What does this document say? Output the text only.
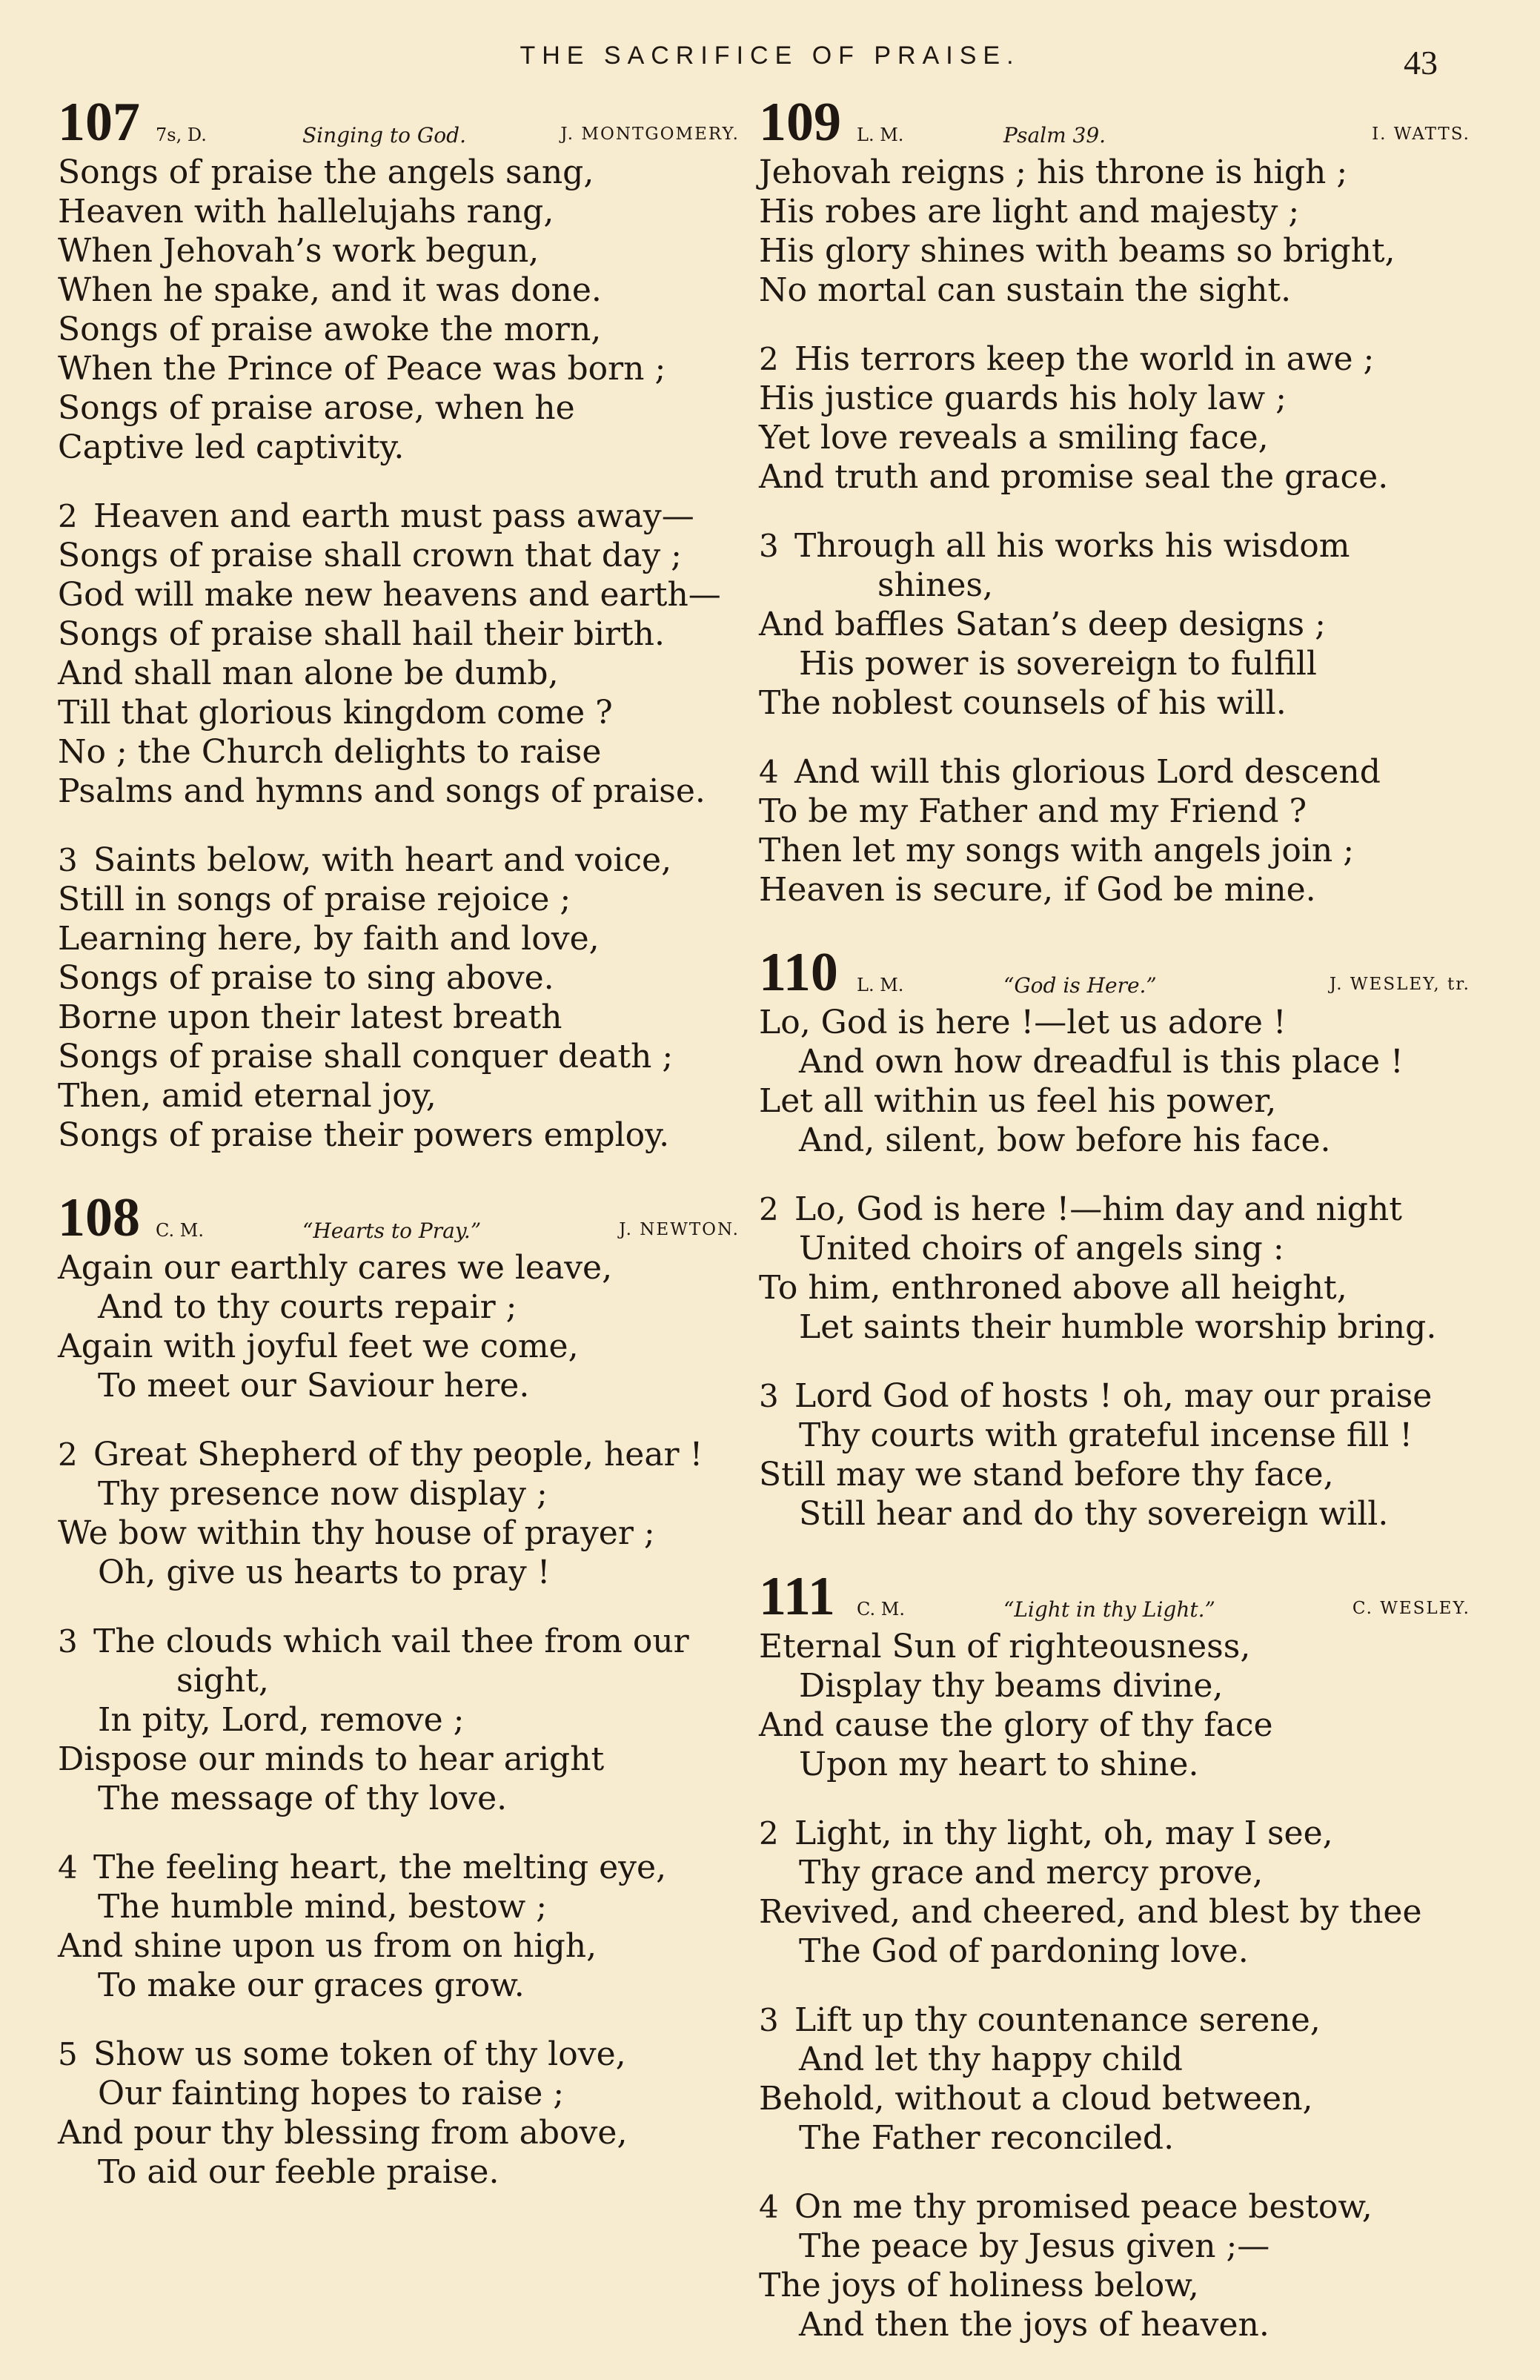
THE SACRIFICE OF PRAISE.	43
107 7s, D.	Singing to God.	J. MONTGOMERY.
Songs of praise the angels sang,
Heaven with hallelujahs rang,
When Jehovah’s work begun,
When he spake, and it was done.
Songs of praise awoke the morn,
When the Prince of Peace was born ;
Songs of praise arose, when he
Captive led captivity.
2 Heaven and earth must pass away—
Songs of praise shall crown that day ;
God will make new heavens and earth—
Songs of praise shall hail their birth.
And shall man alone be dumb,
Till that glorious kingdom come ?
No ; the Church delights to raise
Psalms and hymns and songs of praise.
3 Saints below, with heart and voice,
Still in songs of praise rejoice ;
Learning here, by faith and love,
Songs of praise to sing above.
Borne upon their latest breath
Songs of praise shall conquer death ;
Then, amid eternal joy,
Songs of praise their powers employ.
108 C. M.	“Hearts to Pray.”	J. NEWTON.
Again our earthly cares we leave,
And to thy courts repair ;
Again with joyful feet we come,
To meet our Saviour here.
2 Great Shepherd of thy people, hear !
Thy presence now display ;
We bow within thy house of prayer ;
Oh, give us hearts to pray !
3 The clouds which vail thee from our
sight,
In pity, Lord, remove ;
Dispose our minds to hear aright
The message of thy love.
4 The feeling heart, the melting eye,
The humble mind, bestow ;
And shine upon us from on high,
To make our graces grow.
5 Show us some token of thy love,
Our fainting hopes to raise ;
And pour thy blessing from above,
To aid our feeble praise.
109 L. M.	Psalm 39.	I. WATTS.
Jehovah reigns ; his throne is high ;
His robes are light and majesty ;
His glory shines with beams so bright,
No mortal can sustain the sight.
2 His terrors keep the world in awe ;
His justice guards his holy law ;
Yet love reveals a smiling face,
And truth and promise seal the grace.
3 Through all his works his wisdom
shines,
And baffles Satan’s deep designs ;
His power is sovereign to fulfill
The noblest counsels of his will.
4 And will this glorious Lord descend
To be my Father and my Friend ?
Then let my songs with angels join ;
Heaven is secure, if God be mine.
110 L. M.	“God is Here.”	J. WESLEY, tr.
Lo, God is here !—let us adore !
And own how dreadful is this place !
Let all within us feel his power,
And, silent, bow before his face.
2 Lo, God is here !—him day and night
United choirs of angels sing :
To him, enthroned above all height,
Let saints their humble worship bring.
3 Lord God of hosts ! oh, may our praise
Thy courts with grateful incense fill !
Still may we stand before thy face,
Still hear and do thy sovereign will.
111 C. M.	“Light in thy Light.”	C. WESLEY.
Eternal Sun of righteousness,
Display thy beams divine,
And cause the glory of thy face
Upon my heart to shine.
2 Light, in thy light, oh, may I see,
Thy grace and mercy prove,
Revived, and cheered, and blest by thee
The God of pardoning love.
3 Lift up thy countenance serene,
And let thy happy child
Behold, without a cloud between,
The Father reconciled.
4 On me thy promised peace bestow,
The peace by Jesus given ;—
The joys of holiness below,
And then the joys of heaven.
